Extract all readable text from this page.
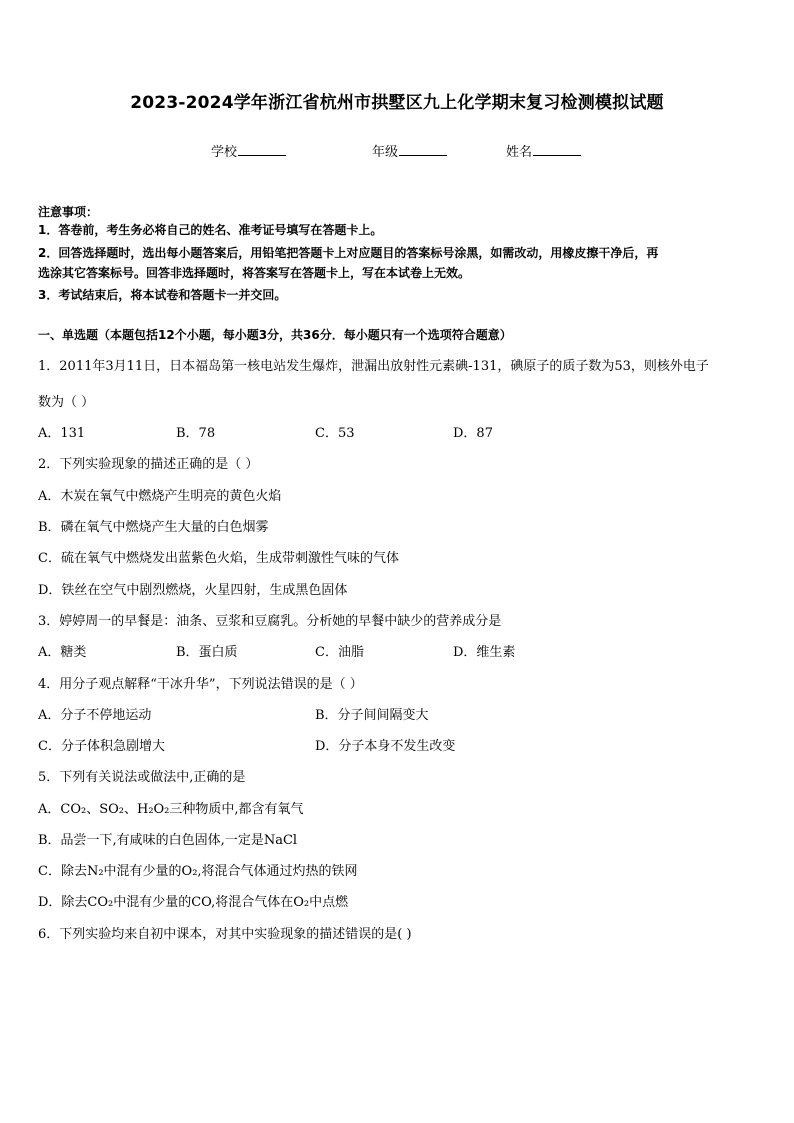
2023-2024学年浙江省杭州市拱墅区九上化学期末复习检测模拟试题
学校	年级	姓名
注意事项：
1．答卷前，考生务必将自己的姓名、准考证号填写在答题卡上。
2．回答选择题时，选出每小题答案后，用铅笔把答题卡上对应题目的答案标号涂黑，如需改动，用橡皮擦干净后，再
选涂其它答案标号。回答非选择题时，将答案写在答题卡上，写在本试卷上无效。
3．考试结束后，将本试卷和答题卡一并交回。
一、单选题（本题包括12个小题，每小题3分，共36分．每小题只有一个选项符合题意）
1．2011年3月11日，日本福岛第一核电站发生爆炸，泄漏出放射性元素碘-131，碘原子的质子数为53，则核外电子
数为（ ）
A．131	B．78	C．53	D．87
2．下列实验现象的描述正确的是（ ）
A．木炭在氧气中燃烧产生明亮的黄色火焰
B．磷在氧气中燃烧产生大量的白色烟雾
C．硫在氧气中燃烧发出蓝紫色火焰，生成带刺激性气味的气体
D．铁丝在空气中剧烈燃烧，火星四射，生成黑色固体
3．婷婷周一的早餐是：油条、豆浆和豆腐乳。分析她的早餐中缺少的营养成分是
A．糖类	B．蛋白质	C．油脂	D．维生素
4．用分子观点解释“干冰升华”，下列说法错误的是（ ）
A．分子不停地运动	B．分子间间隔变大
C．分子体积急剧增大	D．分子本身不发生改变
5．下列有关说法或做法中,正确的是
A．CO₂、SO₂、H₂O₂三种物质中,都含有氧气
B．品尝一下,有咸味的白色固体,一定是NaCl
C．除去N₂中混有少量的O₂,将混合气体通过灼热的铁网
D．除去CO₂中混有少量的CO,将混合气体在O₂中点燃
6．下列实验均来自初中课本，对其中实验现象的描述错误的是( )
